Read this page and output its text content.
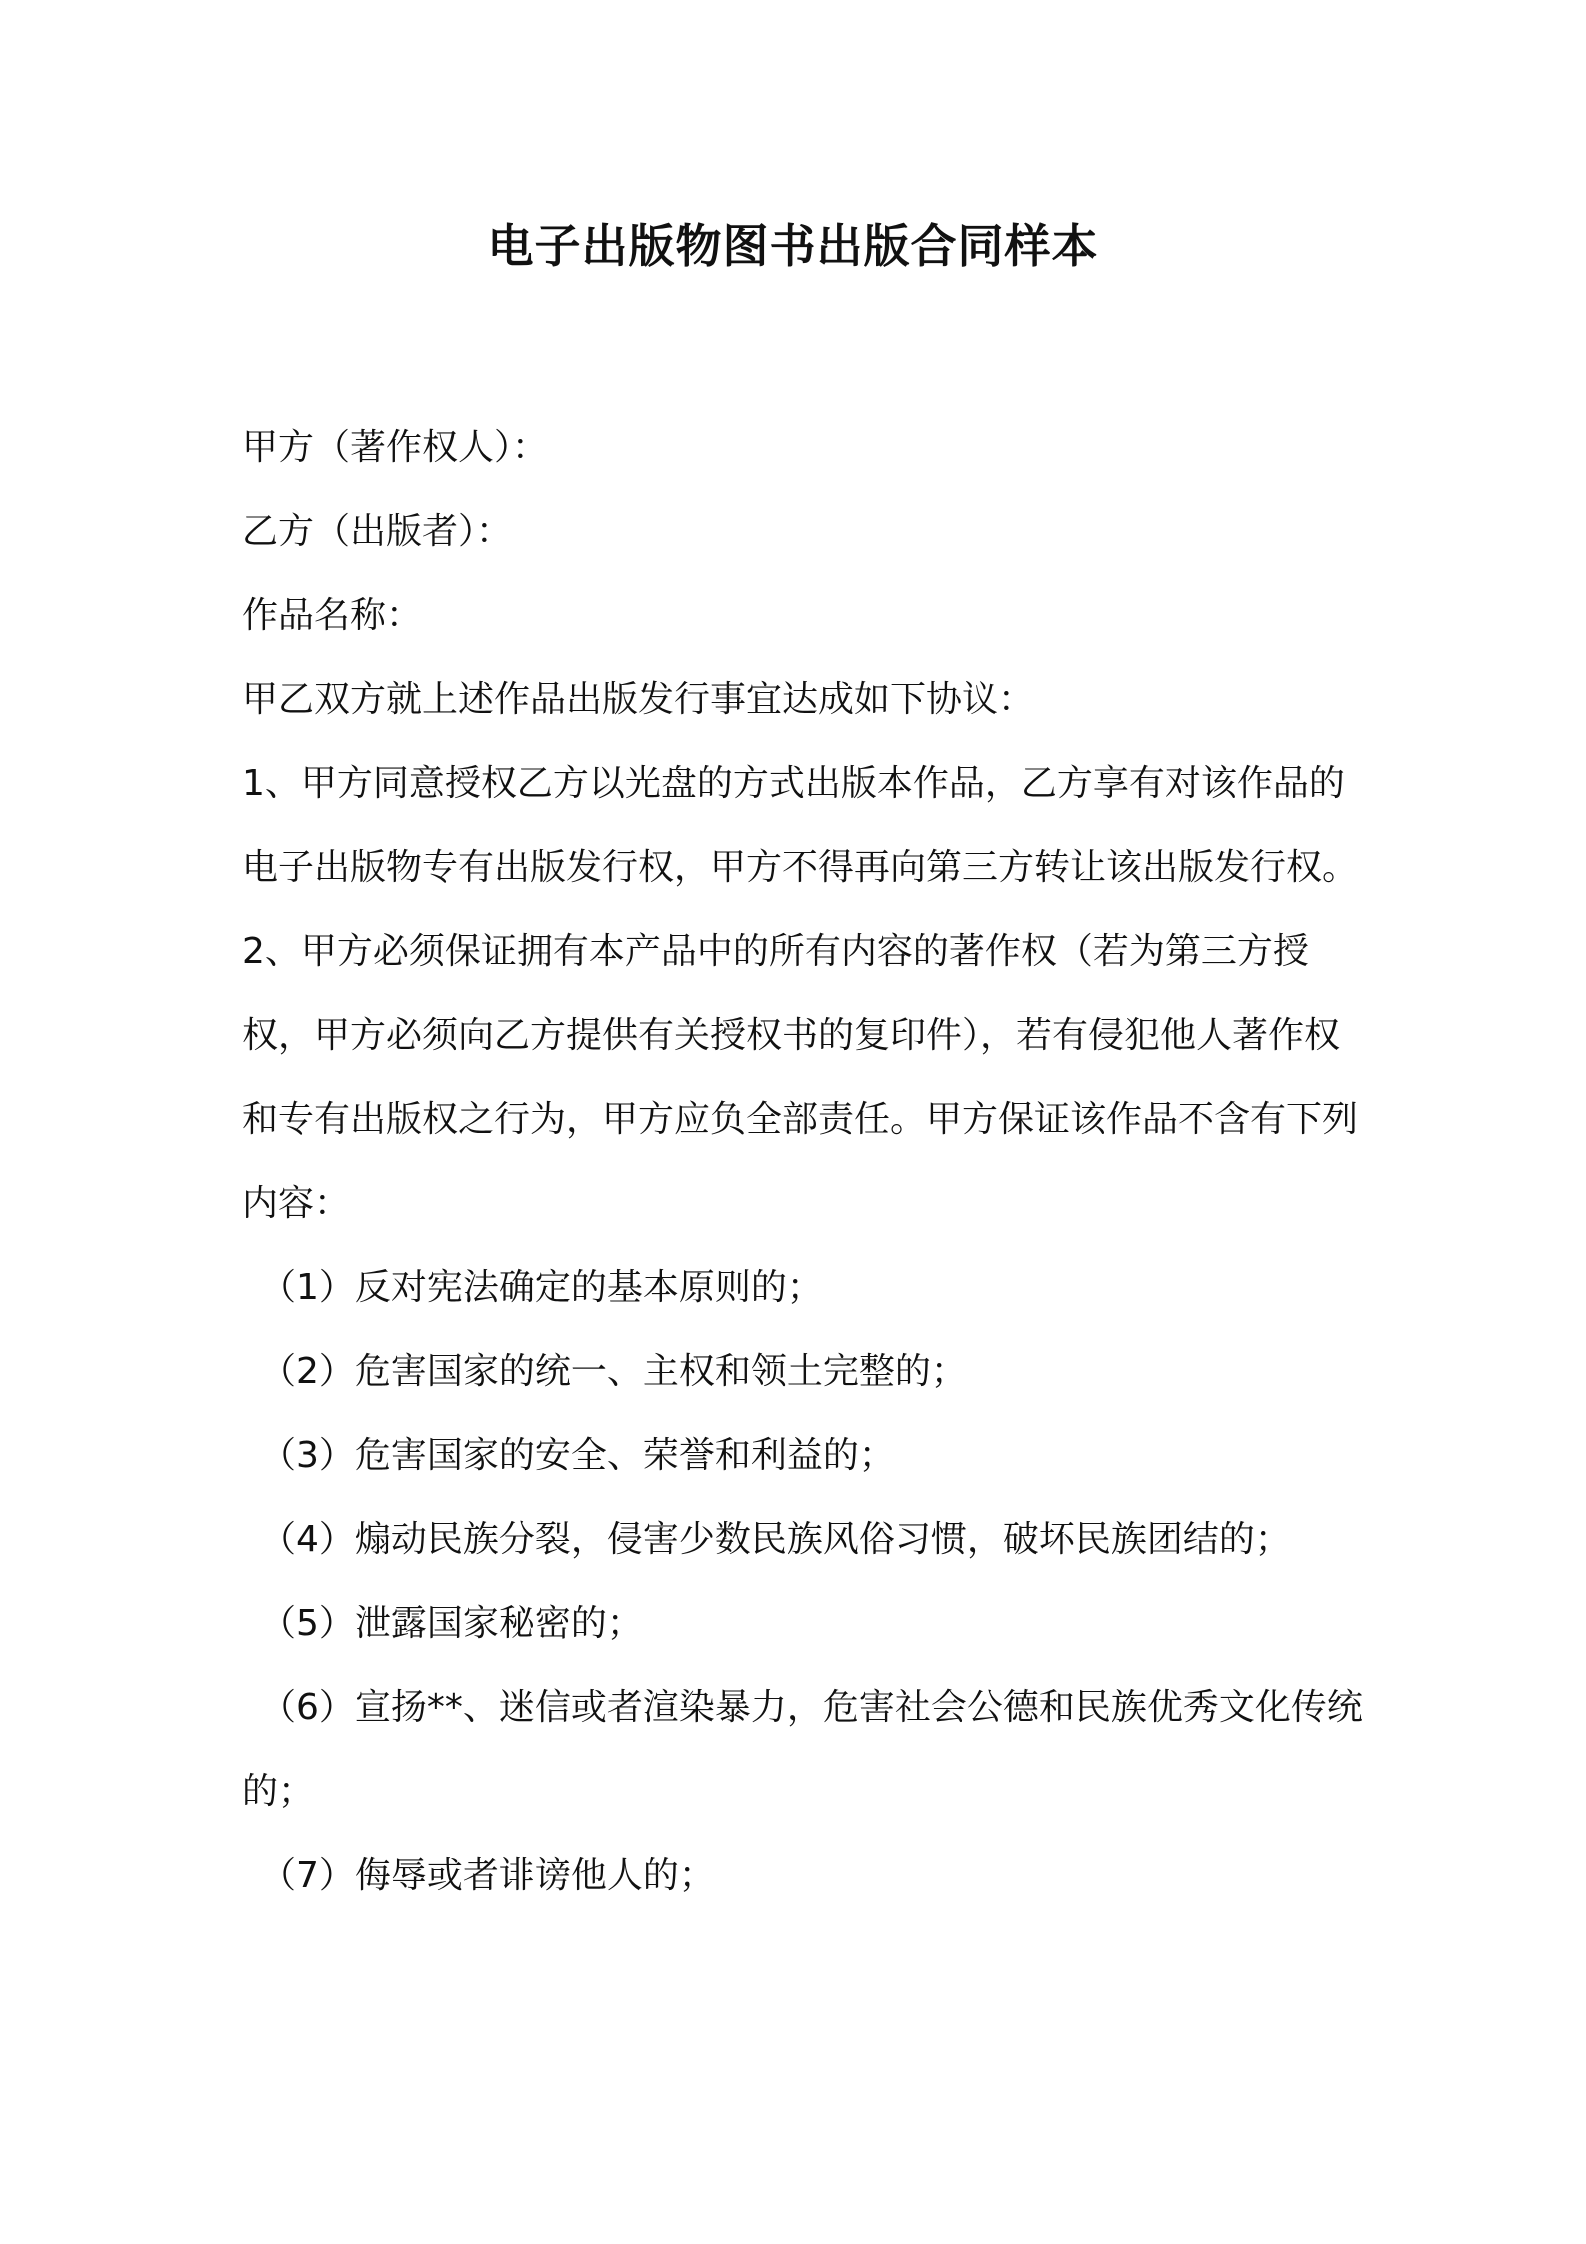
电子出版物图书出版合同样本

甲方（著作权人）：

乙方（出版者）：

作品名称：

甲乙双方就上述作品出版发行事宜达成如下协议：

1、甲方同意授权乙方以光盘的方式出版本作品，乙方享有对该作品的电子出版物专有出版发行权，甲方不得再向第三方转让该出版发行权。

2、甲方必须保证拥有本产品中的所有内容的著作权（若为第三方授权，甲方必须向乙方提供有关授权书的复印件），若有侵犯他人著作权和专有出版权之行为，甲方应负全部责任。甲方保证该作品不含有下列内容：

（1）反对宪法确定的基本原则的；

（2）危害国家的统一、主权和领土完整的；

（3）危害国家的安全、荣誉和利益的；

（4）煽动民族分裂，侵害少数民族风俗习惯，破坏民族团结的；

（5）泄露国家秘密的；

（6）宣扬**、迷信或者渲染暴力，危害社会公德和民族优秀文化传统的；

（7）侮辱或者诽谤他人的；
